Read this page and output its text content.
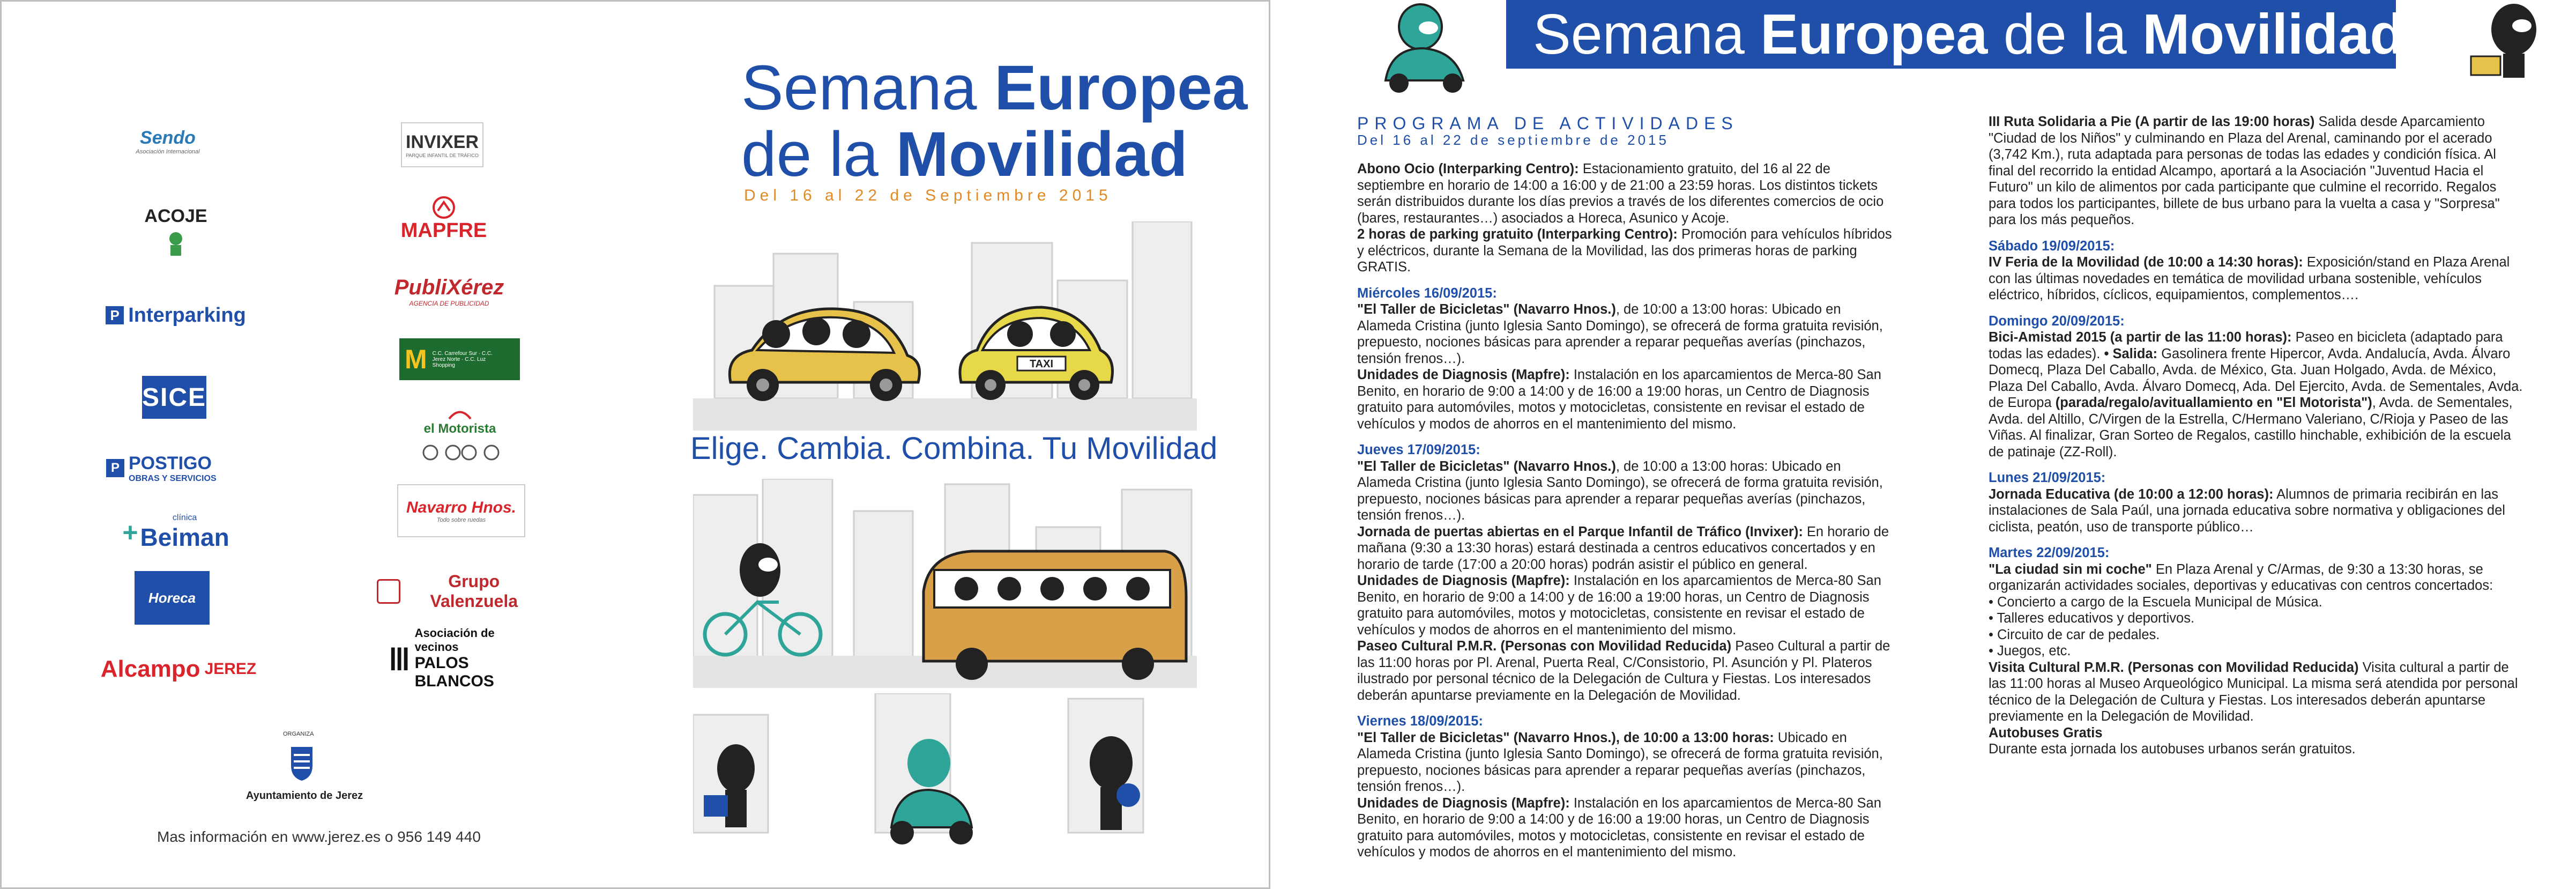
Sendo
Asociación Internacional
ACOJE
P Interparking
SICE
P POSTIGO
OBRAS Y SERVICIOS
+	clínica
Beiman
Horeca
Alcampo JEREZ
INVIXER
PARQUE INFANTIL DE TRÁFICO
MAPFRE
PubliXérez
AGENCIA DE PUBLICIDAD
M C.C. Carrefour Sur · C.C. Jerez Norte · C.C. Luz Shopping
el Motorista
Navarro Hnos.
Todo sobre ruedas
Grupo Valenzuela
Asociación de vecinos
PALOS BLANCOS
ORGANIZA
Ayuntamiento de Jerez
Mas información en www.jerez.es o 956 149 440
Semana Europea
de la Movilidad
Del 16 al 22 de Septiembre 2015
TAXI
Elige. Cambia. Combina. Tu Movilidad
Semana Europea de la Movilidad
PROGRAMA DE ACTIVIDADES
Del 16 al 22 de septiembre de 2015

Abono Ocio (Interparking Centro): Estacionamiento gratuito, del 16 al 22 de septiembre en horario de 14:00 a 16:00 y de 21:00 a 23:59 horas. Los distintos tickets serán distribuidos durante los días previos a través de los diferentes comercios de ocio (bares, restaurantes…) asociados a Horeca, Asunico y Acoje.

2 horas de parking gratuito (Interparking Centro): Promoción para vehículos híbridos y eléctricos, durante la Semana de la Movilidad, las dos primeras horas de parking GRATIS.

Miércoles 16/09/2015:

"El Taller de Bicicletas" (Navarro Hnos.), de 10:00 a 13:00 horas: Ubicado en Alameda Cristina (junto Iglesia Santo Domingo), se ofrecerá de forma gratuita revisión, prepuesto, nociones básicas para aprender a reparar pequeñas averías (pinchazos, tensión frenos…).

Unidades de Diagnosis (Mapfre): Instalación en los aparcamientos de Merca-80 San Benito, en horario de 9:00 a 14:00 y de 16:00 a 19:00 horas, un Centro de Diagnosis gratuito para automóviles, motos y motocicletas, consistente en revisar el estado de vehículos y modos de ahorros en el mantenimiento del mismo.

Jueves 17/09/2015:

"El Taller de Bicicletas" (Navarro Hnos.), de 10:00 a 13:00 horas: Ubicado en Alameda Cristina (junto Iglesia Santo Domingo), se ofrecerá de forma gratuita revisión, prepuesto, nociones básicas para aprender a reparar pequeñas averías (pinchazos, tensión frenos…).

Jornada de puertas abiertas en el Parque Infantil de Tráfico (Invixer): En horario de mañana (9:30 a 13:30 horas) estará destinada a centros educativos concertados y en horario de tarde (17:00 a 20:00 horas) podrán asistir el público en general.

Unidades de Diagnosis (Mapfre): Instalación en los aparcamientos de Merca-80 San Benito, en horario de 9:00 a 14:00 y de 16:00 a 19:00 horas, un Centro de Diagnosis gratuito para automóviles, motos y motocicletas, consistente en revisar el estado de vehículos y modos de ahorros en el mantenimiento del mismo.

Paseo Cultural P.M.R. (Personas con Movilidad Reducida) Paseo Cultural a partir de las 11:00 horas por Pl. Arenal, Puerta Real, C/Consistorio, Pl. Asunción y Pl. Plateros ilustrado por personal técnico de la Delegación de Cultura y Fiestas. Los interesados deberán apuntarse previamente en la Delegación de Movilidad.

Viernes 18/09/2015:

"El Taller de Bicicletas" (Navarro Hnos.), de 10:00 a 13:00 horas: Ubicado en Alameda Cristina (junto Iglesia Santo Domingo), se ofrecerá de forma gratuita revisión, prepuesto, nociones básicas para aprender a reparar pequeñas averías (pinchazos, tensión frenos…).

Unidades de Diagnosis (Mapfre): Instalación en los aparcamientos de Merca-80 San Benito, en horario de 9:00 a 14:00 y de 16:00 a 19:00 horas, un Centro de Diagnosis gratuito para automóviles, motos y motocicletas, consistente en revisar el estado de vehículos y modos de ahorros en el mantenimiento del mismo.

III Ruta Solidaria a Pie (A partir de las 19:00 horas) Salida desde Aparcamiento "Ciudad de los Niños" y culminando en Plaza del Arenal, caminando por el acerado (3,742 Km.), ruta adaptada para personas de todas las edades y condición física. Al final del recorrido la entidad Alcampo, aportará a la Asociación "Juventud Hacia el Futuro" un kilo de alimentos por cada participante que culmine el recorrido. Regalos para todos los participantes, billete de bus urbano para la vuelta a casa y "Sorpresa" para los más pequeños.

Sábado 19/09/2015:

IV Feria de la Movilidad (de 10:00 a 14:30 horas): Exposición/stand en Plaza Arenal con las últimas novedades en temática de movilidad urbana sostenible, vehículos eléctrico, híbridos, cíclicos, equipamientos, complementos….

Domingo 20/09/2015:

Bici-Amistad 2015 (a partir de las 11:00 horas): Paseo en bicicleta (adaptado para todas las edades). • Salida: Gasolinera frente Hipercor, Avda. Andalucía, Avda. Álvaro Domecq, Plaza Del Caballo, Avda. de México, Gta. Juan Holgado, Avda. de México, Plaza Del Caballo, Avda. Álvaro Domecq, Ada. Del Ejercito, Avda. de Sementales, Avda. de Europa (parada/regalo/avituallamiento en "El Motorista"), Avda. de Sementales, Avda. del Altillo, C/Virgen de la Estrella, C/Hermano Valeriano, C/Rioja y Paseo de las Viñas. Al finalizar, Gran Sorteo de Regalos, castillo hinchable, exhibición de la escuela de patinaje (ZZ-Roll).

Lunes 21/09/2015:

Jornada Educativa (de 10:00 a 12:00 horas): Alumnos de primaria recibirán en las instalaciones de Sala Paúl, una jornada educativa sobre normativa y obligaciones del ciclista, peatón, uso de transporte público…

Martes 22/09/2015:

"La ciudad sin mi coche" En Plaza Arenal y C/Armas, de 9:30 a 13:30 horas, se organizarán actividades sociales, deportivas y educativas con centros concertados:

• Concierto a cargo de la Escuela Municipal de Música.

• Talleres educativos y deportivos.

• Circuito de car de pedales.

• Juegos, etc.

Visita Cultural P.M.R. (Personas con Movilidad Reducida) Visita cultural a partir de las 11:00 horas al Museo Arqueológico Municipal. La misma será atendida por personal técnico de la Delegación de Cultura y Fiestas. Los interesados deberán apuntarse previamente en la Delegación de Movilidad.

Autobuses Gratis

Durante esta jornada los autobuses urbanos serán gratuitos.
